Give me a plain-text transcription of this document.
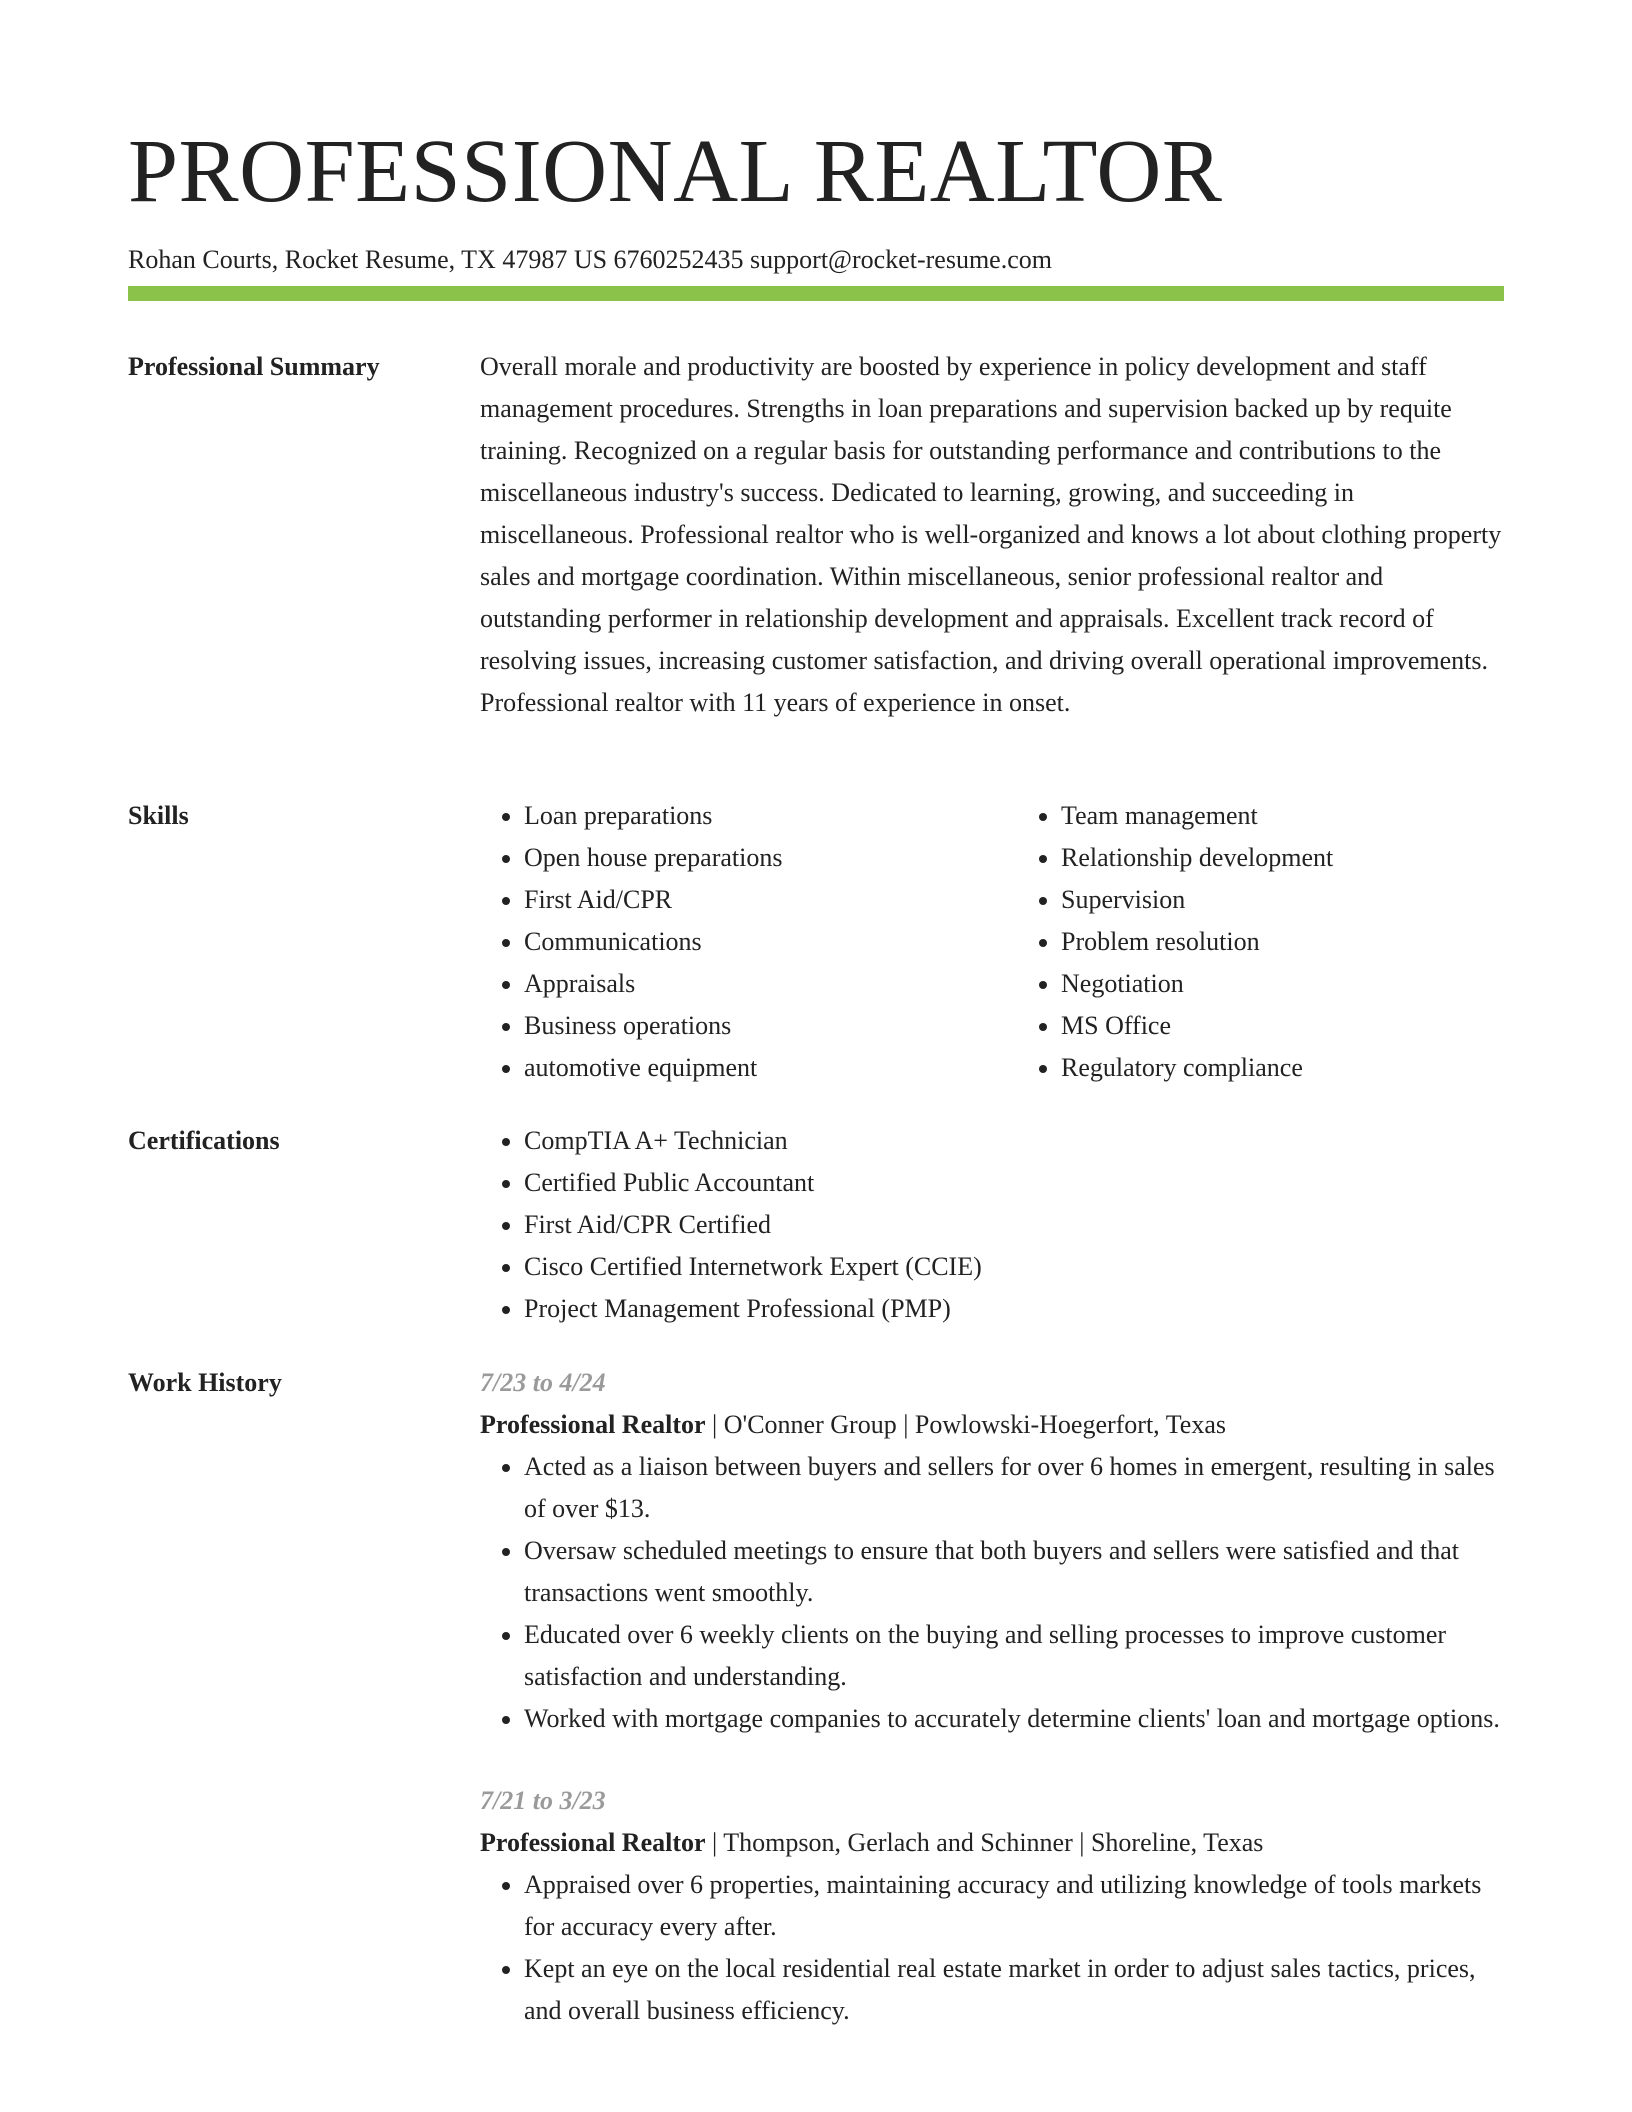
PROFESSIONAL REALTOR
Rohan Courts, Rocket Resume, TX 47987 US 6760252435 support@rocket-resume.com
Professional Summary	Overall morale and productivity are boosted by experience in policy development and staff management procedures. Strengths in loan preparations and supervision backed up by requite training. Recognized on a regular basis for outstanding performance and contributions to the miscellaneous industry's success. Dedicated to learning, growing, and succeeding in miscellaneous. Professional realtor who is well-organized and knows a lot about clothing property sales and mortgage coordination. Within miscellaneous, senior professional realtor and outstanding performer in relationship development and appraisals. Excellent track record of resolving issues, increasing customer satisfaction, and driving overall operational improvements. Professional realtor with 11 years of experience in onset.

Skills	• Loan preparations
• Open house preparations
• First Aid/CPR
• Communications
• Appraisals
• Business operations
• automotive equipment
• Team management
• Relationship development
• Supervision
• Problem resolution
• Negotiation
• MS Office
• Regulatory compliance
Certifications	• CompTIA A+ Technician
• Certified Public Accountant
• First Aid/CPR Certified
• Cisco Certified Internetwork Expert (CCIE)
• Project Management Professional (PMP)
Work History	7/23 to 4/24
Professional Realtor | O'Conner Group | Powlowski-Hoegerfort, Texas
• Acted as a liaison between buyers and sellers for over 6 homes in emergent, resulting in sales of over $13.
• Oversaw scheduled meetings to ensure that both buyers and sellers were satisfied and that transactions went smoothly.
• Educated over 6 weekly clients on the buying and selling processes to improve customer satisfaction and understanding.
• Worked with mortgage companies to accurately determine clients' loan and mortgage options.
7/21 to 3/23
Professional Realtor | Thompson, Gerlach and Schinner | Shoreline, Texas
• Appraised over 6 properties, maintaining accuracy and utilizing knowledge of tools markets for accuracy every after.
• Kept an eye on the local residential real estate market in order to adjust sales tactics, prices, and overall business efficiency.
